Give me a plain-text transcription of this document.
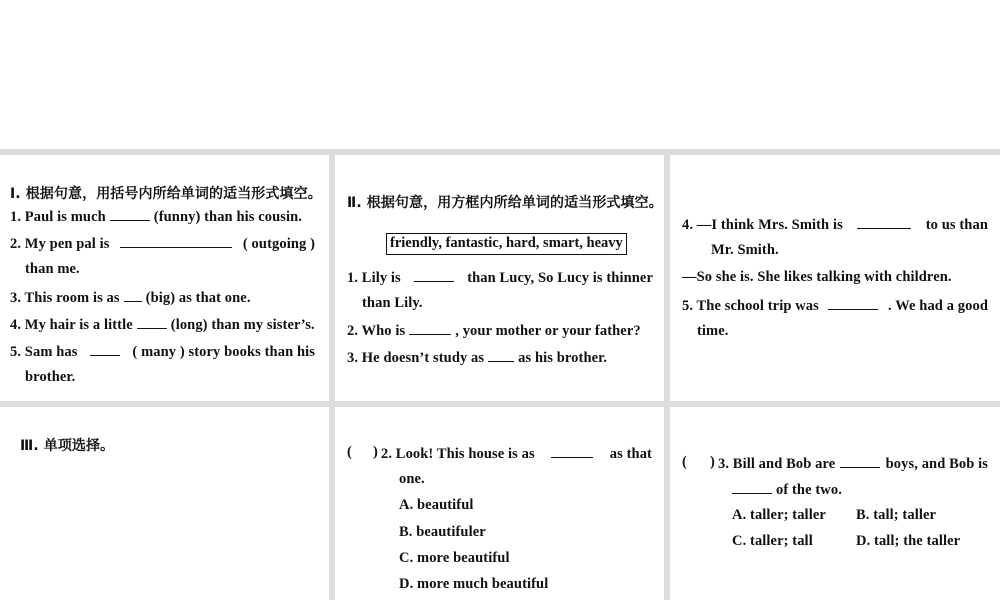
Ⅰ. 根据句意，用括号内所给单词的适当形式填空。
1. Paul is much	(funny) than his cousin.
2. My pen pal is	( outgoing )
than me.
3. This room is as (big) as that one.
4. My hair is a little	(long) than my sister’s.
5. Sam has	( many ) story books than his
brother.
Ⅱ. 根据句意，用方框内所给单词的适当形式填空。
friendly, fantastic, hard, smart, heavy
1. Lily is	than Lucy, So Lucy is thinner
than Lily.
2. Who is	, your mother or your father?
3. He doesn’t study as as his brother.
4. —I think Mrs. Smith is	to us than
Mr. Smith.
—So she is. She likes talking with children.
5. The school trip was	. We had a good
time.
Ⅲ. 单项选择。	( ) 2. Look! This house is as	as that
one.
A. beautiful
B. beautifuler
C. more beautiful
D. more much beautiful
( ) 3. Bill and Bob are	boys, and Bob is
of the two.
A. taller; taller B. tall; taller
C. taller; tall	D. tall; the taller
